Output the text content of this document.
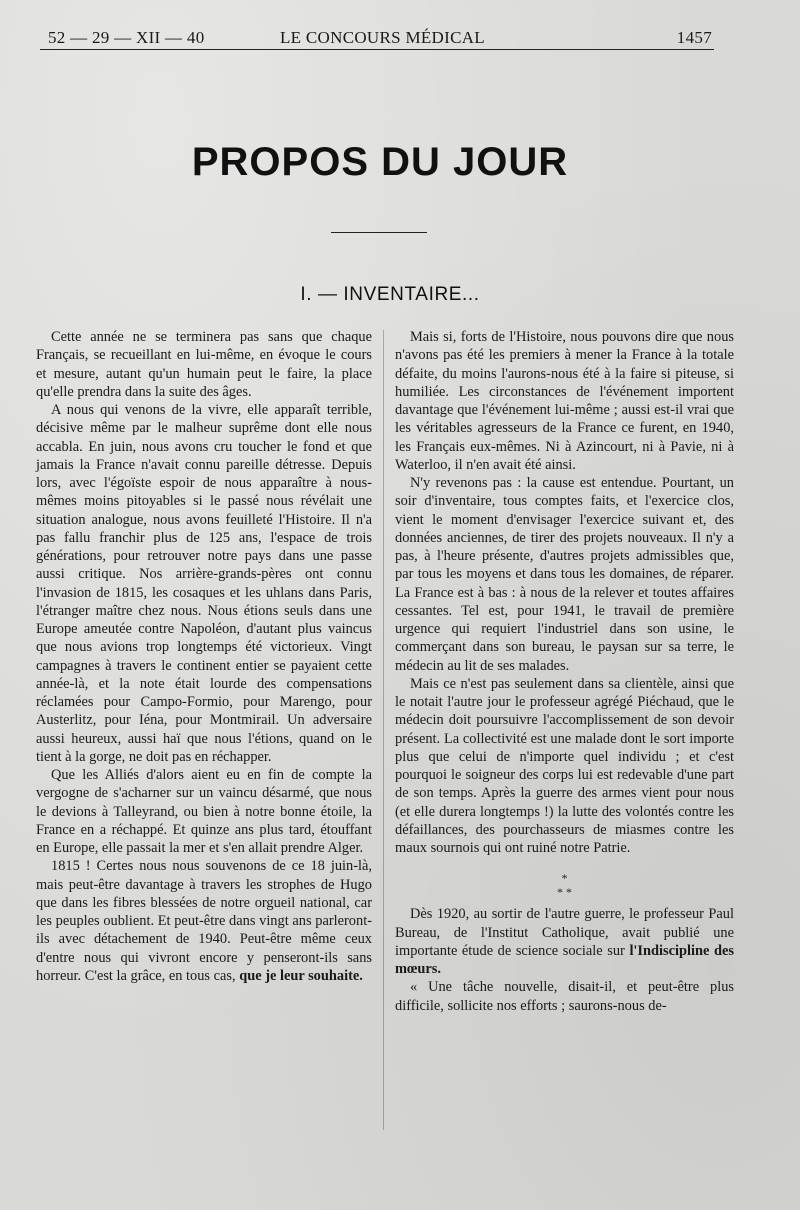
52 — 29 — XII — 40	LE CONCOURS MÉDICAL	1457
PROPOS DU JOUR
I. — INVENTAIRE...

Cette année ne se terminera pas sans que chaque Français, se recueillant en lui-même, en évoque le cours et mesure, autant qu'un humain peut le faire, la place qu'elle prendra dans la suite des âges.

A nous qui venons de la vivre, elle apparaît terrible, décisive même par le malheur suprême dont elle nous accabla. En juin, nous avons cru toucher le fond et que jamais la France n'avait connu pareille détresse. Depuis lors, avec l'égoïste espoir de nous apparaître à nous-mêmes moins pitoyables si le passé nous révélait une situation analogue, nous avons feuilleté l'Histoire. Il n'a pas fallu franchir plus de 125 ans, l'espace de trois générations, pour retrouver notre pays dans une passe aussi critique. Nos arrière-grands-pères ont connu l'invasion de 1815, les cosaques et les uhlans dans Paris, l'étranger maître chez nous. Nous étions seuls dans une Europe ameutée contre Napoléon, d'autant plus vaincus que nous avions trop longtemps été victorieux. Vingt campagnes à travers le continent entier se payaient cette année-là, et la note était lourde des compensations réclamées pour Campo-Formio, pour Marengo, pour Austerlitz, pour Iéna, pour Montmirail. Un adversaire aussi heureux, aussi haï que nous l'étions, quand on le tient à la gorge, ne doit pas en réchapper.

Que les Alliés d'alors aient eu en fin de compte la vergogne de s'acharner sur un vaincu désarmé, que nous le devions à Talleyrand, ou bien à notre bonne étoile, la France en a réchappé. Et quinze ans plus tard, étouffant en Europe, elle passait la mer et s'en allait prendre Alger.

1815 ! Certes nous nous souvenons de ce 18 juin-là, mais peut-être davantage à travers les strophes de Hugo que dans les fibres blessées de notre orgueil national, car les peuples oublient. Et peut-être dans vingt ans parleront-ils avec détachement de 1940. Peut-être même ceux d'entre nous qui vivront encore y penseront-ils sans horreur. C'est la grâce, en tous cas, que je leur souhaite.

Mais si, forts de l'Histoire, nous pouvons dire que nous n'avons pas été les premiers à mener la France à la totale défaite, du moins l'aurons-nous été à la faire si piteuse, si humiliée. Les circonstances de l'événement importent davantage que l'événement lui-même ; aussi est-il vrai que les véritables agresseurs de la France ce furent, en 1940, les Français eux-mêmes. Ni à Azincourt, ni à Pavie, ni à Waterloo, il n'en avait été ainsi.

N'y revenons pas : la cause est entendue. Pourtant, un soir d'inventaire, tous comptes faits, et l'exercice clos, vient le moment d'envisager l'exercice suivant et, des données anciennes, de tirer des projets nouveaux. Il n'y a pas, à l'heure présente, d'autres projets admissibles que, par tous les moyens et dans tous les domaines, de réparer. La France est à bas : à nous de la relever et toutes affaires cessantes. Tel est, pour 1941, le travail de première urgence qui requiert l'industriel dans son usine, le commerçant dans son bureau, le paysan sur sa terre, le médecin au lit de ses malades.

Mais ce n'est pas seulement dans sa clientèle, ainsi que le notait l'autre jour le professeur agrégé Piéchaud, que le médecin doit poursuivre l'accomplissement de son devoir présent. La collectivité est une malade dont le sort importe plus que celui de n'importe quel individu ; et c'est pourquoi le soigneur des corps lui est redevable d'une part de son temps. Après la guerre des armes vient pour nous (et elle durera longtemps !) la lutte des volontés contre les défaillances, des pourchasseurs de miasmes contre les maux sournois qui ont ruiné notre Patrie.

*
* *

Dès 1920, au sortir de l'autre guerre, le professeur Paul Bureau, de l'Institut Catholique, avait publié une importante étude de science sociale sur l'Indiscipline des mœurs.

« Une tâche nouvelle, disait-il, et peut-être plus difficile, sollicite nos efforts ; saurons-nous de-
